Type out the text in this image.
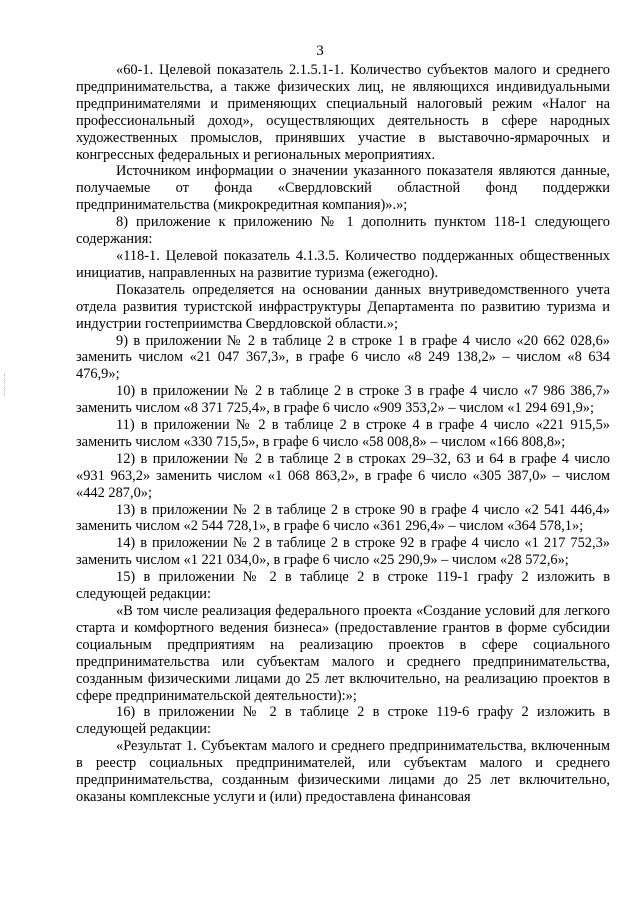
3

«60-1. Целевой показатель 2.1.5.1-1. Количество субъектов малого и среднего предпринимательства, а также физических лиц, не являющихся индивидуальными предпринимателями и применяющих специальный налоговый режим «Налог на профессиональный доход», осуществляющих деятельность в сфере народных художественных промыслов, принявших участие в выставочно-ярмарочных и конгрессных федеральных и региональных мероприятиях.

Источником информации о значении указанного показателя являются данные, получаемые от фонда «Свердловский областной фонд поддержки предпринимательства (микрокредитная компания)».»;

8) приложение к приложению № 1 дополнить пунктом 118-1 следующего содержания:

«118-1. Целевой показатель 4.1.3.5. Количество поддержанных общественных инициатив, направленных на развитие туризма (ежегодно).

Показатель определяется на основании данных внутриведомственного учета отдела развития туристской инфраструктуры Департамента по развитию туризма и индустрии гостеприимства Свердловской области.»;

9) в приложении № 2 в таблице 2 в строке 1 в графе 4 число «20 662 028,6» заменить числом «21 047 367,3», в графе 6 число «8 249 138,2» – числом «8 634 476,9»;

10) в приложении № 2 в таблице 2 в строке 3 в графе 4 число «7 986 386,7» заменить числом «8 371 725,4», в графе 6 число «909 353,2» – числом «1 294 691,9»;

11) в приложении № 2 в таблице 2 в строке 4 в графе 4 число «221 915,5» заменить числом «330 715,5», в графе 6 число «58 008,8» – числом «166 808,8»;

12) в приложении № 2 в таблице 2 в строках 29–32, 63 и 64 в графе 4 число «931 963,2» заменить числом «1 068 863,2», в графе 6 число «305 387,0» – числом «442 287,0»;

13) в приложении № 2 в таблице 2 в строке 90 в графе 4 число «2 541 446,4» заменить числом «2 544 728,1», в графе 6 число «361 296,4» – числом «364 578,1»;

14) в приложении № 2 в таблице 2 в строке 92 в графе 4 число «1 217 752,3» заменить числом «1 221 034,0», в графе 6 число «25 290,9» – числом «28 572,6»;

15) в приложении № 2 в таблице 2 в строке 119-1 графу 2 изложить в следующей редакции:

«В том числе реализация федерального проекта «Создание условий для легкого старта и комфортного ведения бизнеса» (предоставление грантов в форме субсидии социальным предприятиям на реализацию проектов в сфере социального предпринимательства или субъектам малого и среднего предпринимательства, созданным физическими лицами до 25 лет включительно, на реализацию проектов в сфере предпринимательской деятельности):»;

16) в приложении № 2 в таблице 2 в строке 119-6 графу 2 изложить в следующей редакции:

«Результат 1. Субъектам малого и среднего предпринимательства, включенным в реестр социальных предпринимателей, или субъектам малого и среднего предпринимательства, созданным физическими лицами до 25 лет включительно, оказаны комплексные услуги и (или) предоставлена финансовая
